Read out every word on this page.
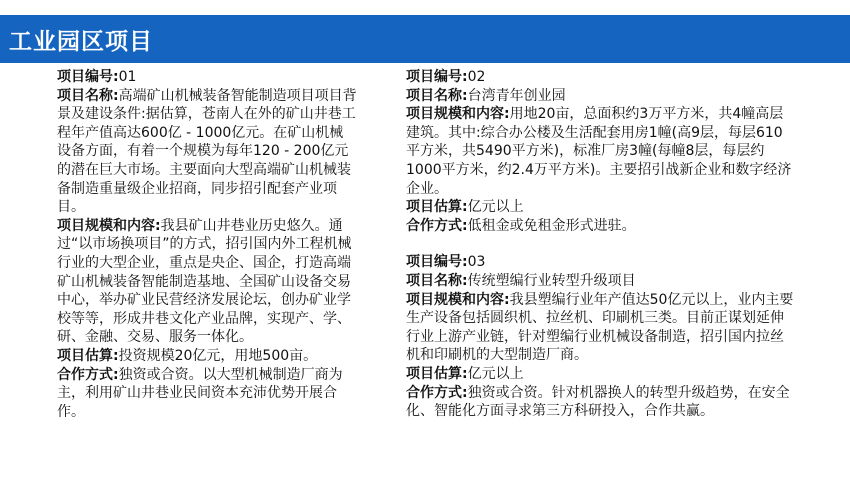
工业园区项目

项目编号:01

项目名称:高端矿山机械装备智能制造项目项目背景及建设条件:据估算，苍南人在外的矿山井巷工程年产值高达600亿 - 1000亿元。在矿山机械设备方面，有着一个规模为每年120 - 200亿元的潜在巨大市场。主要面向大型高端矿山机械装备制造重量级企业招商，同步招引配套产业项目。

项目规模和内容:我县矿山井巷业历史悠久。通过“以市场换项目”的方式，招引国内外工程机械行业的大型企业，重点是央企、国企，打造高端矿山机械装备智能制造基地、全国矿山设备交易中心，举办矿业民营经济发展论坛，创办矿业学校等等，形成井巷文化产业品牌，实现产、学、研、金融、交易、服务一体化。

项目估算:投资规模20亿元，用地500亩。

合作方式:独资或合资。以大型机械制造厂商为主，利用矿山井巷业民间资本充沛优势开展合作。

项目编号:02

项目名称:台湾青年创业园

项目规模和内容:用地20亩，总面积约3万平方米，共4幢高层建筑。其中:综合办公楼及生活配套用房1幢(高9层，每层610平方米，共5490平方米)，标准厂房3幢(每幢8层，每层约1000平方米，约2.4万平方米)。主要招引战新企业和数字经济企业。

项目估算:亿元以上

合作方式:低租金或免租金形式进驻。

项目编号:03

项目名称:传统塑编行业转型升级项目

项目规模和内容:我县塑编行业年产值达50亿元以上，业内主要生产设备包括圆织机、拉丝机、印刷机三类。目前正谋划延伸行业上游产业链，针对塑编行业机械设备制造，招引国内拉丝机和印刷机的大型制造厂商。

项目估算:亿元以上

合作方式:独资或合资。针对机器换人的转型升级趋势，在安全化、智能化方面寻求第三方科研投入，合作共赢。
